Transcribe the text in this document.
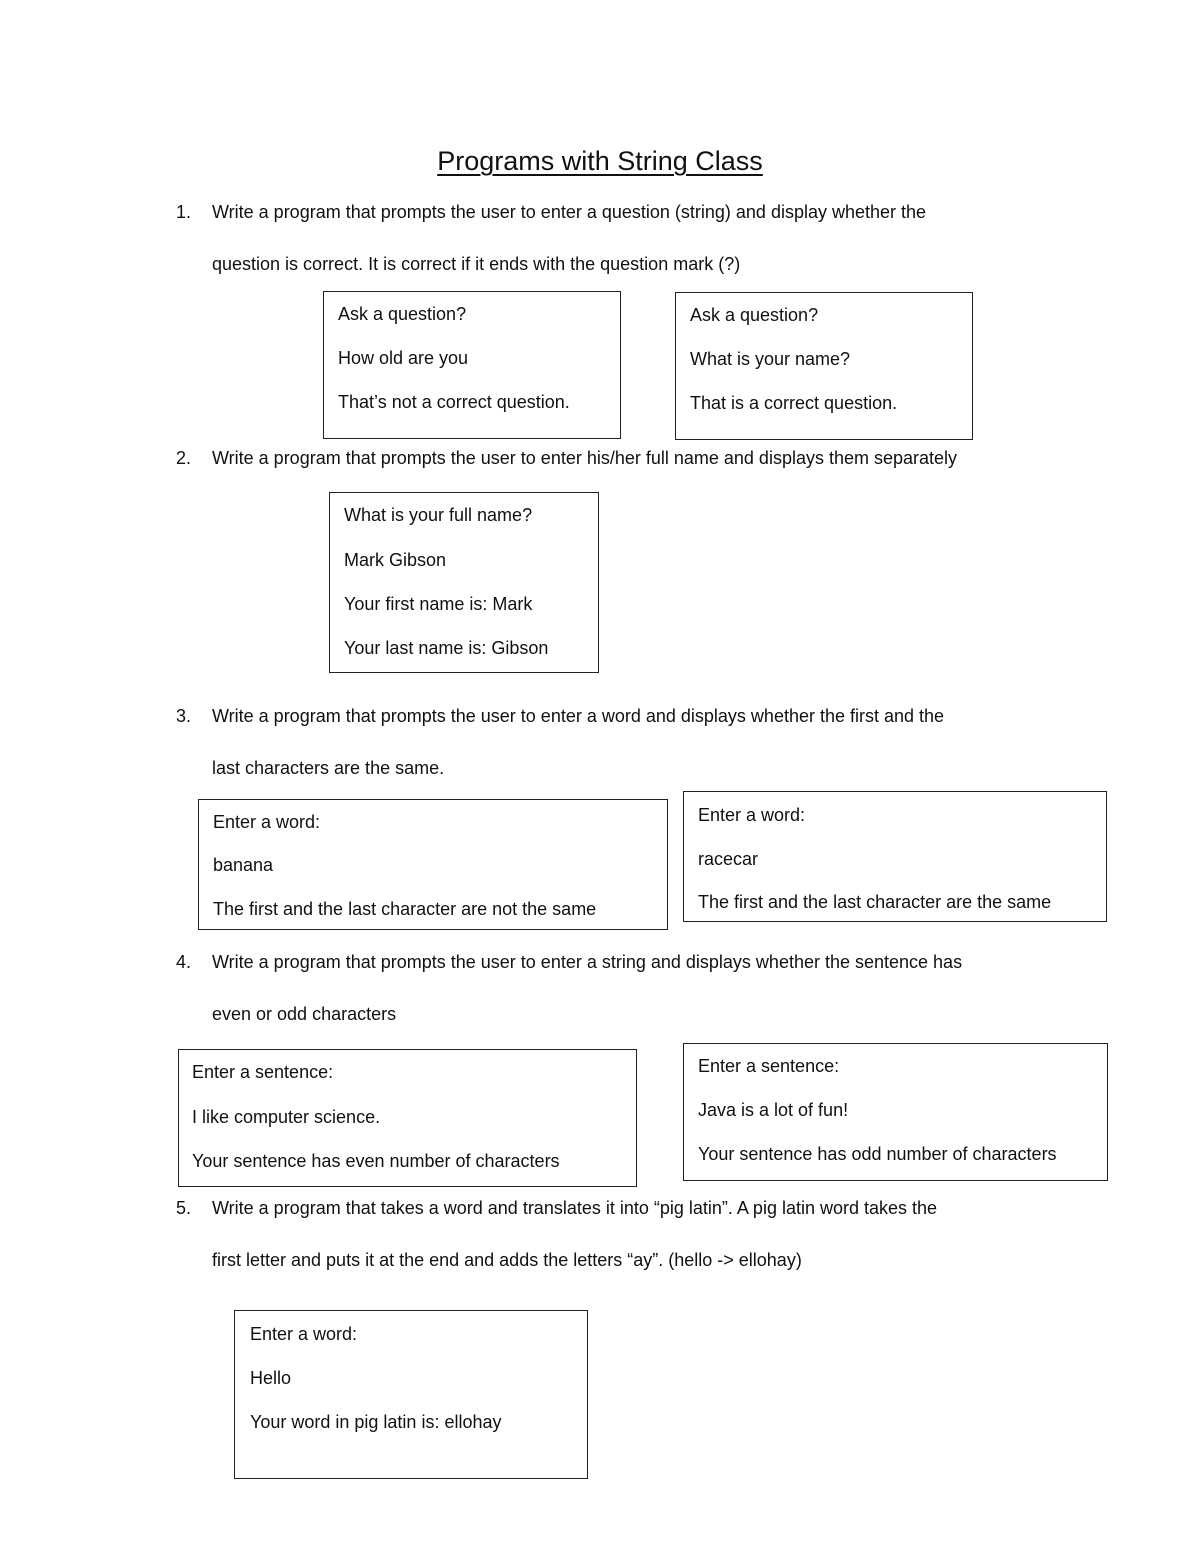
Programs with String Class
1.	Write a program that prompts the user to enter a question (string) and display whether the
question is correct. It is correct if it ends with the question mark (?)
Ask a question?
How old are you
That’s not a correct question.
Ask a question?
What is your name?
That is a correct question.
2.	Write a program that prompts the user to enter his/her full name and displays them separately
What is your full name?
Mark Gibson
Your first name is: Mark
Your last name is: Gibson
3.	Write a program that prompts the user to enter a word and displays whether the first and the
last characters are the same.
Enter a word:
banana
The first and the last character are not the same
Enter a word:
racecar
The first and the last character are the same
4.	Write a program that prompts the user to enter a string and displays whether the sentence has
even or odd characters
Enter a sentence:
I like computer science.
Your sentence has even number of characters
Enter a sentence:
Java is a lot of fun!
Your sentence has odd number of characters
5.	Write a program that takes a word and translates it into “pig latin”. A pig latin word takes the
first letter and puts it at the end and adds the letters “ay”. (hello -> ellohay)
Enter a word:
Hello
Your word in pig latin is: ellohay
